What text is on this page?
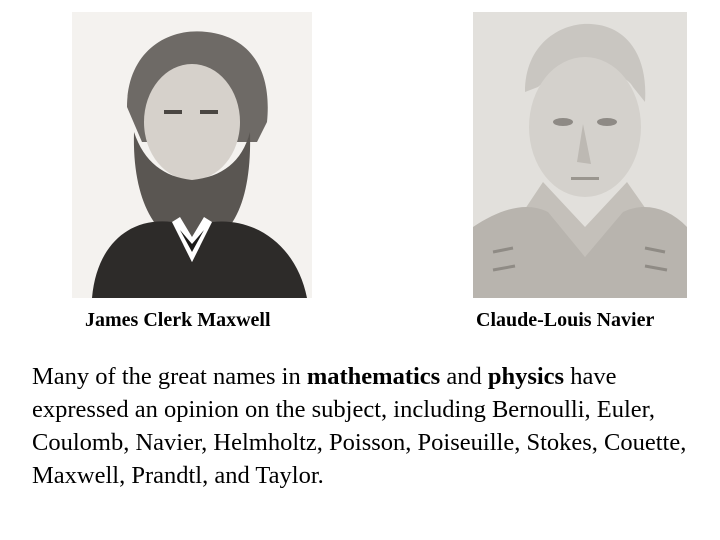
James Clerk Maxwell	Claude-Louis Navier

Many of the great names in mathematics and physics have expressed an opinion on the subject, including Bernoulli, Euler, Coulomb, Navier, Helmholtz, Poisson, Poiseuille, Stokes, Couette, Maxwell, Prandtl, and Taylor.
